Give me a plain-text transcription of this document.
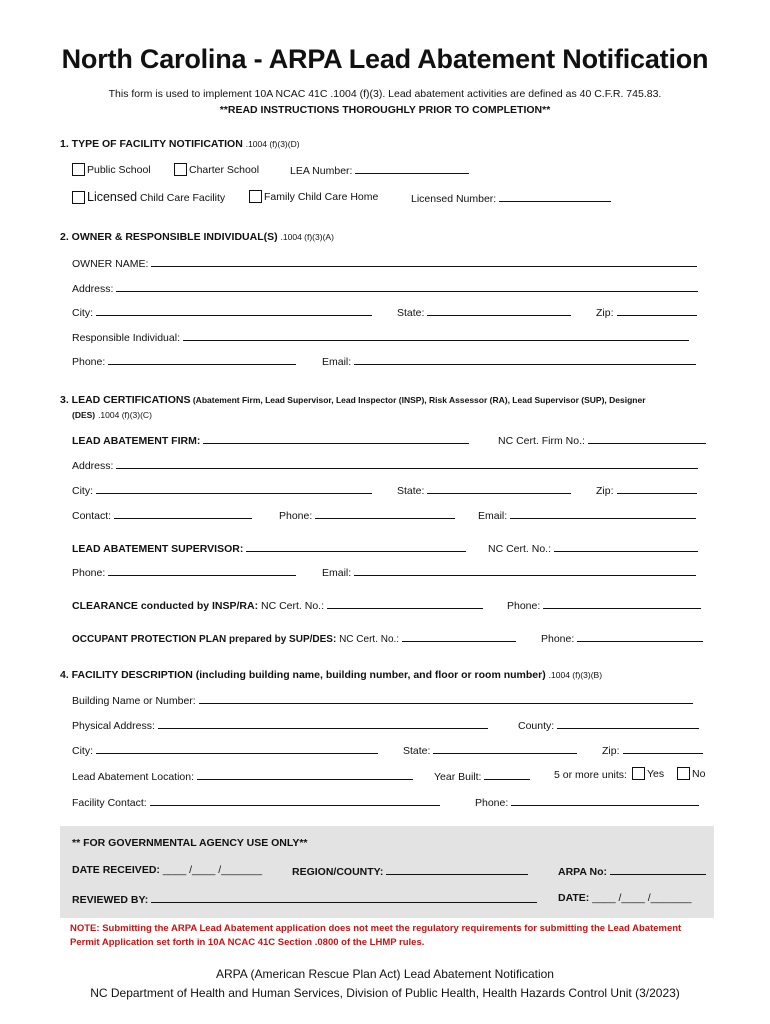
North Carolina - ARPA Lead Abatement Notification
This form is used to implement 10A NCAC 41C .1004 (f)(3). Lead abatement activities are defined as 40 C.F.R. 745.83.
**READ INSTRUCTIONS THOROUGHLY PRIOR TO COMPLETION**
1. TYPE OF FACILITY NOTIFICATION .1004 (f)(3)(D)
Public School	Charter School	LEA Number:
Licensed Child Care Facility	Family Child Care Home	Licensed Number:
2. OWNER & RESPONSIBLE INDIVIDUAL(S) .1004 (f)(3)(A)
OWNER NAME:
Address:
City:	State:	Zip:
Responsible Individual:
Phone:	Email:
3. LEAD CERTIFICATIONS (Abatement Firm, Lead Supervisor, Lead Inspector (INSP), Risk Assessor (RA), Lead Supervisor (SUP), Designer
(DES) .1004 (f)(3)(C)
LEAD ABATEMENT FIRM:	NC Cert. Firm No.:
Address:
City:	State:	Zip:
Contact:	Phone:	Email:
LEAD ABATEMENT SUPERVISOR:	NC Cert. No.:
Phone:	Email:
CLEARANCE conducted by INSP/RA: NC Cert. No.:	Phone:
OCCUPANT PROTECTION PLAN prepared by SUP/DES: NC Cert. No.:	Phone:
4. FACILITY DESCRIPTION (including building name, building number, and floor or room number) .1004 (f)(3)(B)
Building Name or Number:
Physical Address:	County:
City:	State:	Zip:
Lead Abatement Location:	Year Built:	5 or more units:	Yes	No
Facility Contact:	Phone:
** FOR GOVERNMENTAL AGENCY USE ONLY**
DATE RECEIVED: ____ /____ /_______	REGION/COUNTY:	ARPA No:
REVIEWED BY:	DATE: ____ /____ /_______
NOTE: Submitting the ARPA Lead Abatement application does not meet the regulatory requirements for submitting the Lead Abatement Permit Application set forth in 10A NCAC 41C Section .0800 of the LHMP rules.
ARPA (American Rescue Plan Act) Lead Abatement Notification
NC Department of Health and Human Services, Division of Public Health, Health Hazards Control Unit (3/2023)
